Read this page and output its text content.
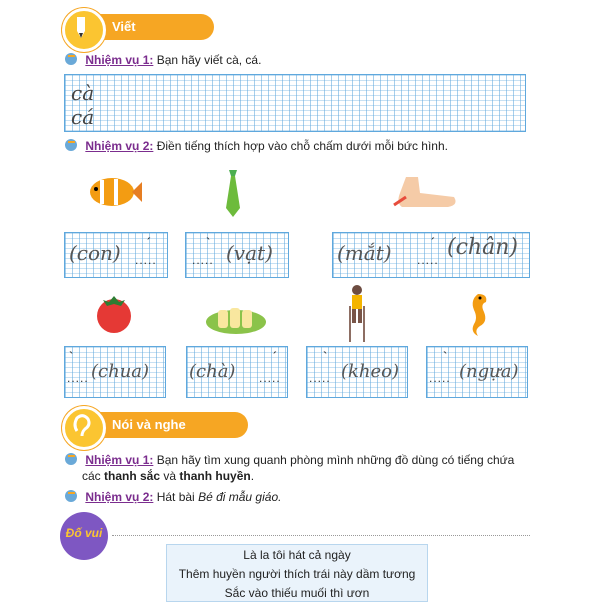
Viết
Nhiệm vụ 1: Bạn hãy viết cà, cá.
cà
cá
Nhiệm vụ 2: Điền tiếng thích hợp vào chỗ chấm dưới mỗi bức hình.
(con) ´
.....
`
..... (vạt)	(mắt)	´
..... (chân)
`
..... (chua) (chà)
´
.....
`
..... (kheo)
`
..... (ngựa)
Nói và nghe
Nhiệm vụ 1: Bạn hãy tìm xung quanh phòng mình những đồ dùng có tiếng chứa
các thanh sắc và thanh huyền.
Nhiệm vụ 2: Hát bài Bé đi mẫu giáo.
Đố vui
Là la tôi hát cả ngày
Thêm huyền người thích trái này dầm tương
Sắc vào thiếu muối thì ươn
